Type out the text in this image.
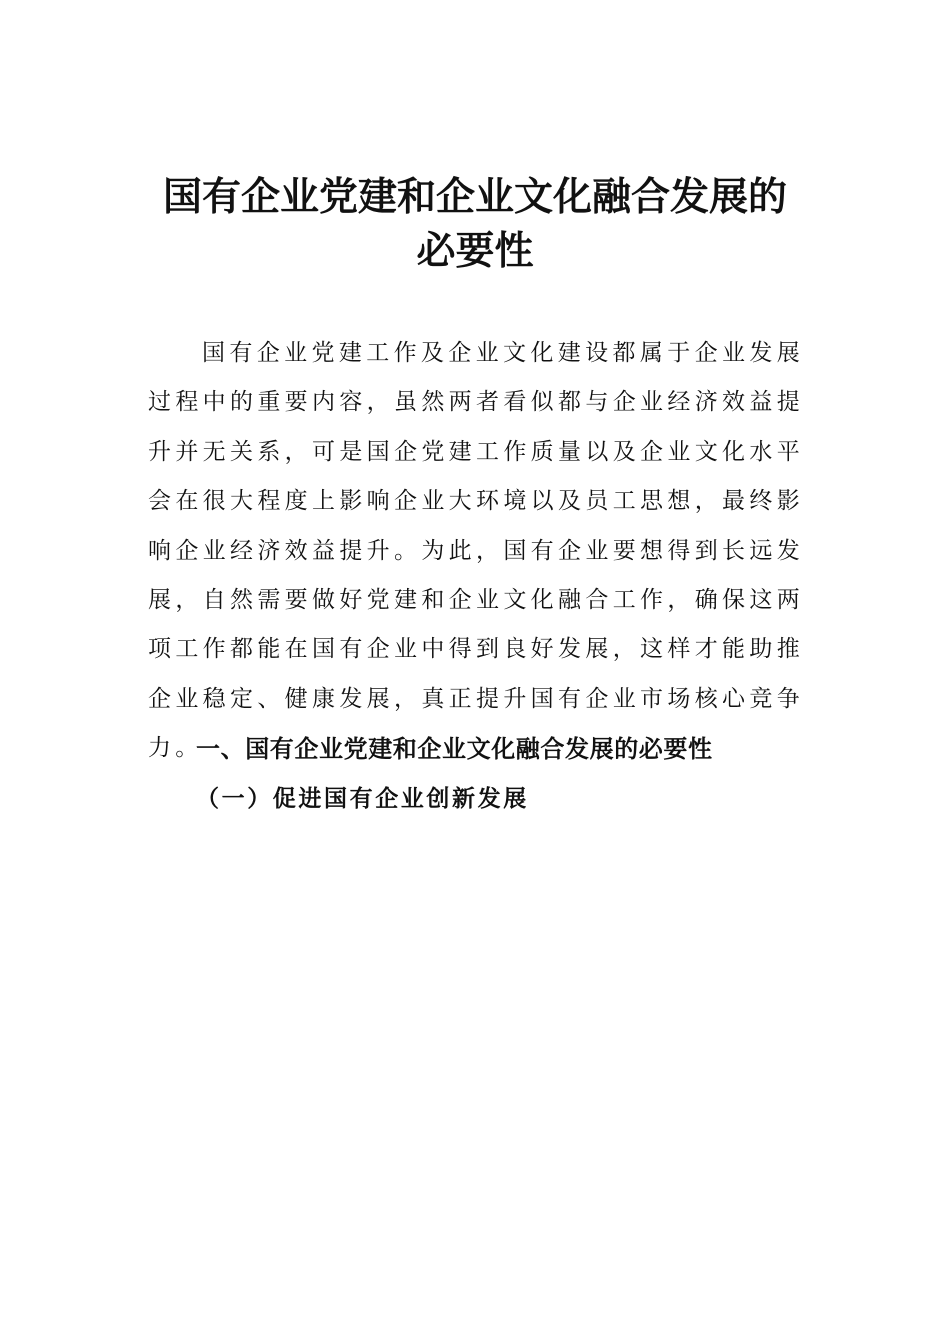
国有企业党建和企业文化融合发展的必要性

国有企业党建工作及企业文化建设都属于企业发展过程中的重要内容，虽然两者看似都与企业经济效益提升并无关系，可是国企党建工作质量以及企业文化水平会在很大程度上影响企业大环境以及员工思想，最终影响企业经济效益提升。为此，国有企业要想得到长远发展，自然需要做好党建和企业文化融合工作，确保这两项工作都能在国有企业中得到良好发展，这样才能助推企业稳定、健康发展，真正提升国有企业市场核心竞争力。

一、国有企业党建和企业文化融合发展的必要性
（一）促进国有企业创新发展
